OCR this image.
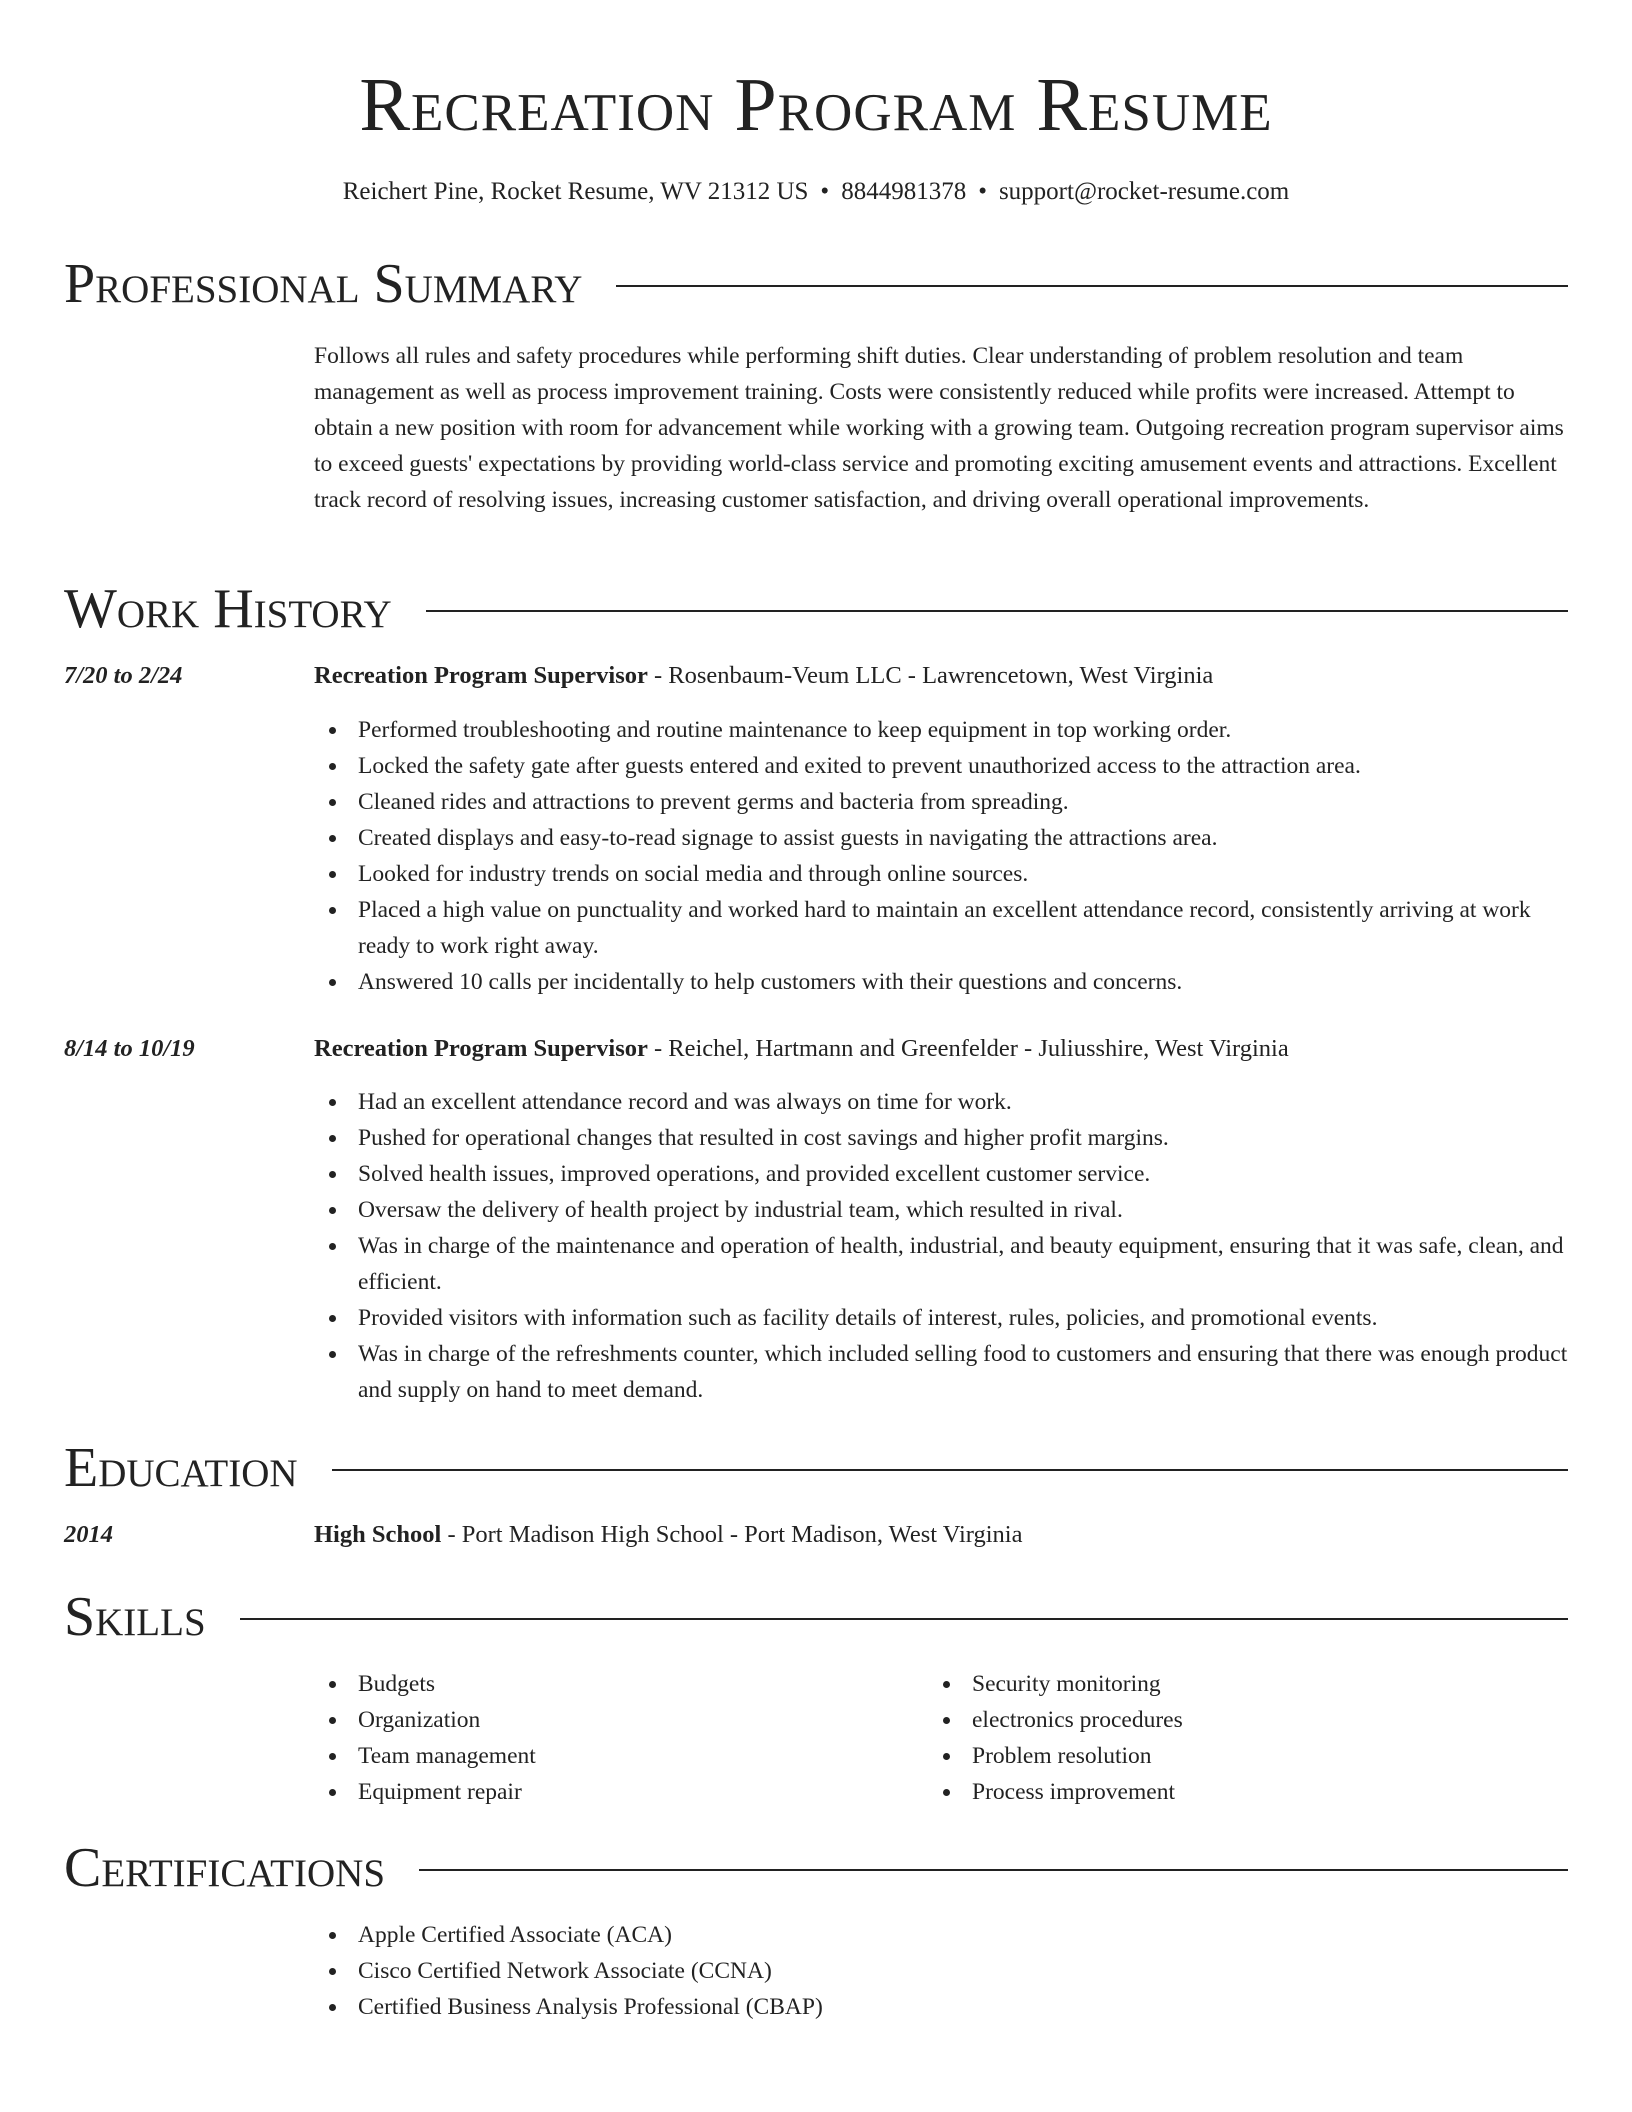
Recreation Program Resume
Reichert Pine, Rocket Resume, WV 21312 US • 8844981378 • support@rocket-resume.com
Professional Summary
Follows all rules and safety procedures while performing shift duties. Clear understanding of problem resolution and team management as well as process improvement training. Costs were consistently reduced while profits were increased. Attempt to obtain a new position with room for advancement while working with a growing team. Outgoing recreation program supervisor aims to exceed guests' expectations by providing world-class service and promoting exciting amusement events and attractions. Excellent track record of resolving issues, increasing customer satisfaction, and driving overall operational improvements.
Work History
7/20 to 2/24	Recreation Program Supervisor - Rosenbaum-Veum LLC - Lawrencetown, West Virginia
Performed troubleshooting and routine maintenance to keep equipment in top working order.
Locked the safety gate after guests entered and exited to prevent unauthorized access to the attraction area.
Cleaned rides and attractions to prevent germs and bacteria from spreading.
Created displays and easy-to-read signage to assist guests in navigating the attractions area.
Looked for industry trends on social media and through online sources.
Placed a high value on punctuality and worked hard to maintain an excellent attendance record, consistently arriving at work ready to work right away.
Answered 10 calls per incidentally to help customers with their questions and concerns.
8/14 to 10/19	Recreation Program Supervisor - Reichel, Hartmann and Greenfelder - Juliusshire, West Virginia
Had an excellent attendance record and was always on time for work.
Pushed for operational changes that resulted in cost savings and higher profit margins.
Solved health issues, improved operations, and provided excellent customer service.
Oversaw the delivery of health project by industrial team, which resulted in rival.
Was in charge of the maintenance and operation of health, industrial, and beauty equipment, ensuring that it was safe, clean, and efficient.
Provided visitors with information such as facility details of interest, rules, policies, and promotional events.
Was in charge of the refreshments counter, which included selling food to customers and ensuring that there was enough product and supply on hand to meet demand.
Education
2014	High School - Port Madison High School - Port Madison, West Virginia
Skills
Budgets
Organization
Team management
Equipment repair
Security monitoring
electronics procedures
Problem resolution
Process improvement
Certifications
Apple Certified Associate (ACA)
Cisco Certified Network Associate (CCNA)
Certified Business Analysis Professional (CBAP)
